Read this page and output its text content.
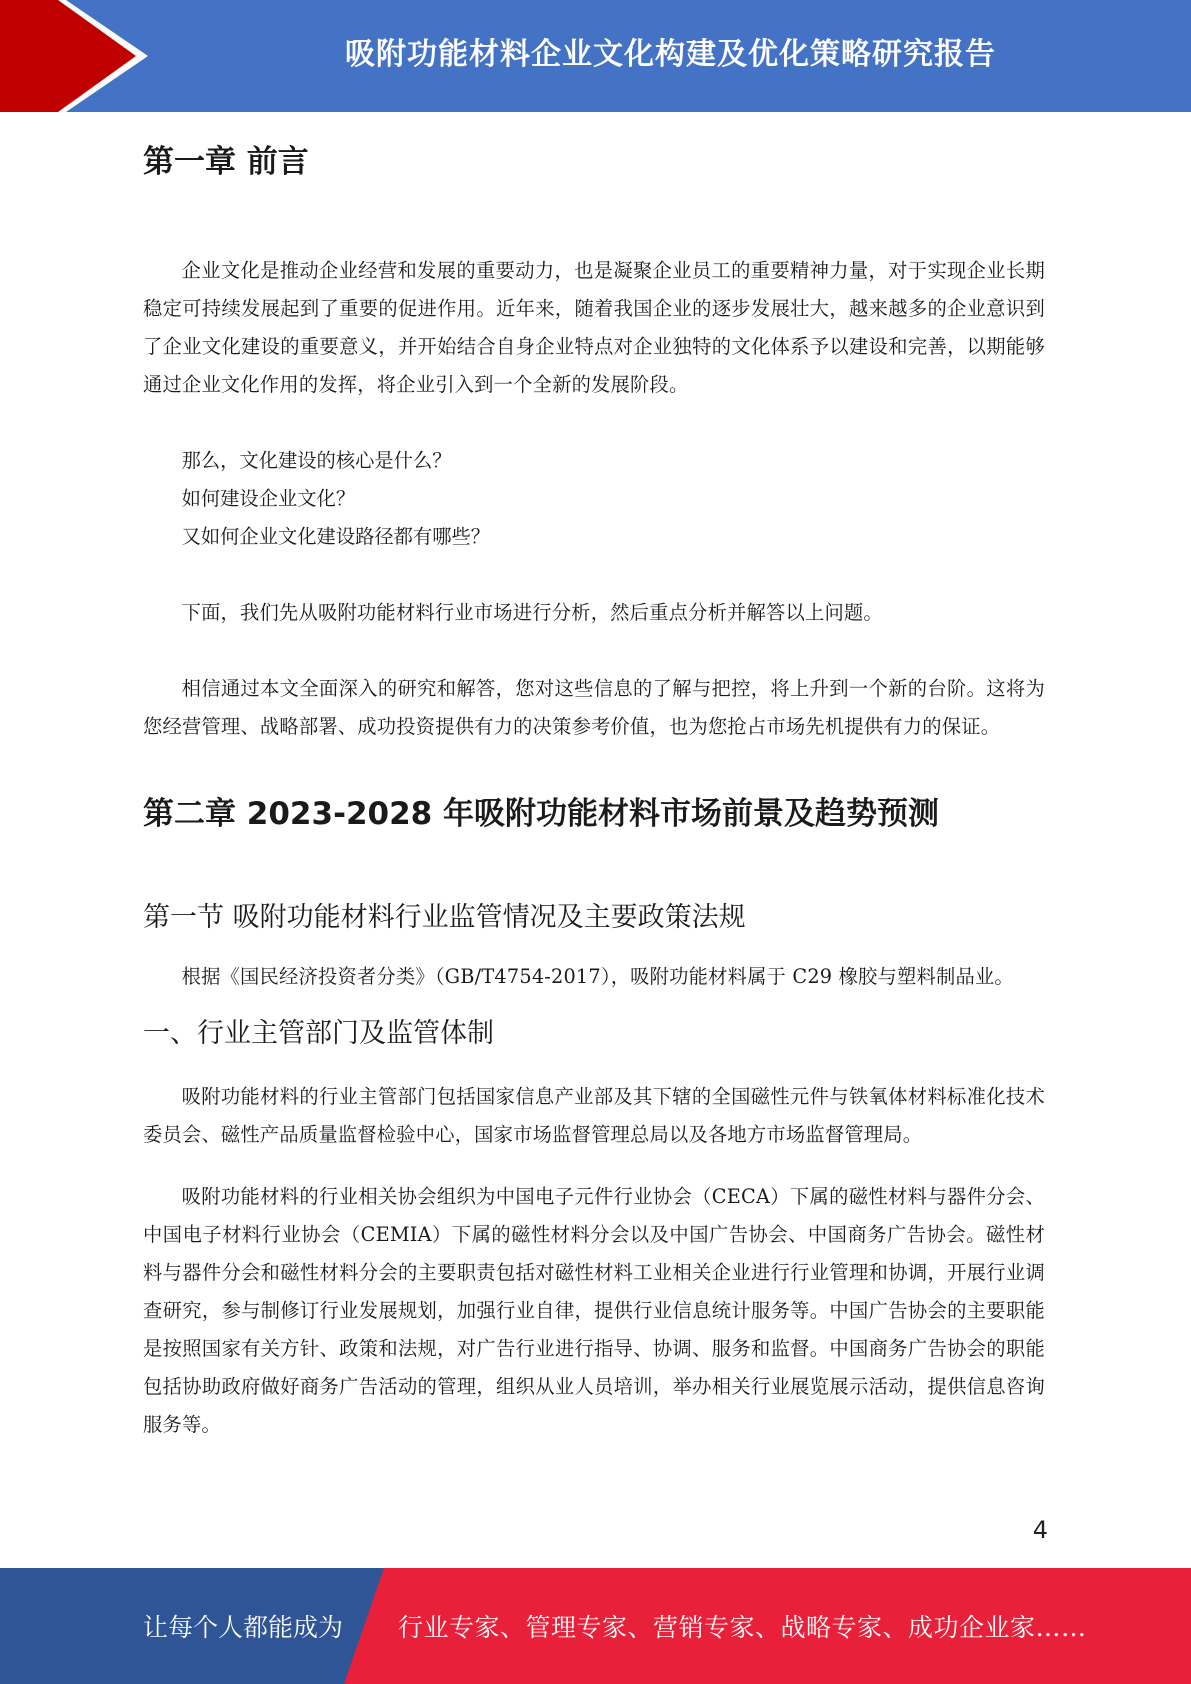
吸附功能材料企业文化构建及优化策略研究报告
第一章 前言

企业文化是推动企业经营和发展的重要动力，也是凝聚企业员工的重要精神力量，对于实现企业长期稳定可持续发展起到了重要的促进作用。近年来，随着我国企业的逐步发展壮大，越来越多的企业意识到了企业文化建设的重要意义，并开始结合自身企业特点对企业独特的文化体系予以建设和完善，以期能够通过企业文化作用的发挥，将企业引入到一个全新的发展阶段。

那么，文化建设的核心是什么？

如何建设企业文化？

又如何企业文化建设路径都有哪些？

下面，我们先从吸附功能材料行业市场进行分析，然后重点分析并解答以上问题。

相信通过本文全面深入的研究和解答，您对这些信息的了解与把控，将上升到一个新的台阶。这将为您经营管理、战略部署、成功投资提供有力的决策参考价值，也为您抢占市场先机提供有力的保证。

第二章 2023-2028 年吸附功能材料市场前景及趋势预测
第一节 吸附功能材料行业监管情况及主要政策法规

根据《国民经济投资者分类》（GB/T4754-2017），吸附功能材料属于 C29 橡胶与塑料制品业。

一、行业主管部门及监管体制

吸附功能材料的行业主管部门包括国家信息产业部及其下辖的全国磁性元件与铁氧体材料标准化技术委员会、磁性产品质量监督检验中心，国家市场监督管理总局以及各地方市场监督管理局。

吸附功能材料的行业相关协会组织为中国电子元件行业协会（CECA）下属的磁性材料与器件分会、中国电子材料行业协会（CEMIA）下属的磁性材料分会以及中国广告协会、中国商务广告协会。磁性材料与器件分会和磁性材料分会的主要职责包括对磁性材料工业相关企业进行行业管理和协调，开展行业调查研究，参与制修订行业发展规划，加强行业自律，提供行业信息统计服务等。中国广告协会的主要职能是按照国家有关方针、政策和法规，对广告行业进行指导、协调、服务和监督。中国商务广告协会的职能包括协助政府做好商务广告活动的管理，组织从业人员培训，举办相关行业展览展示活动，提供信息咨询服务等。

4
让每个人都能成为 行业专家、管理专家、营销专家、战略专家、成功企业家……
